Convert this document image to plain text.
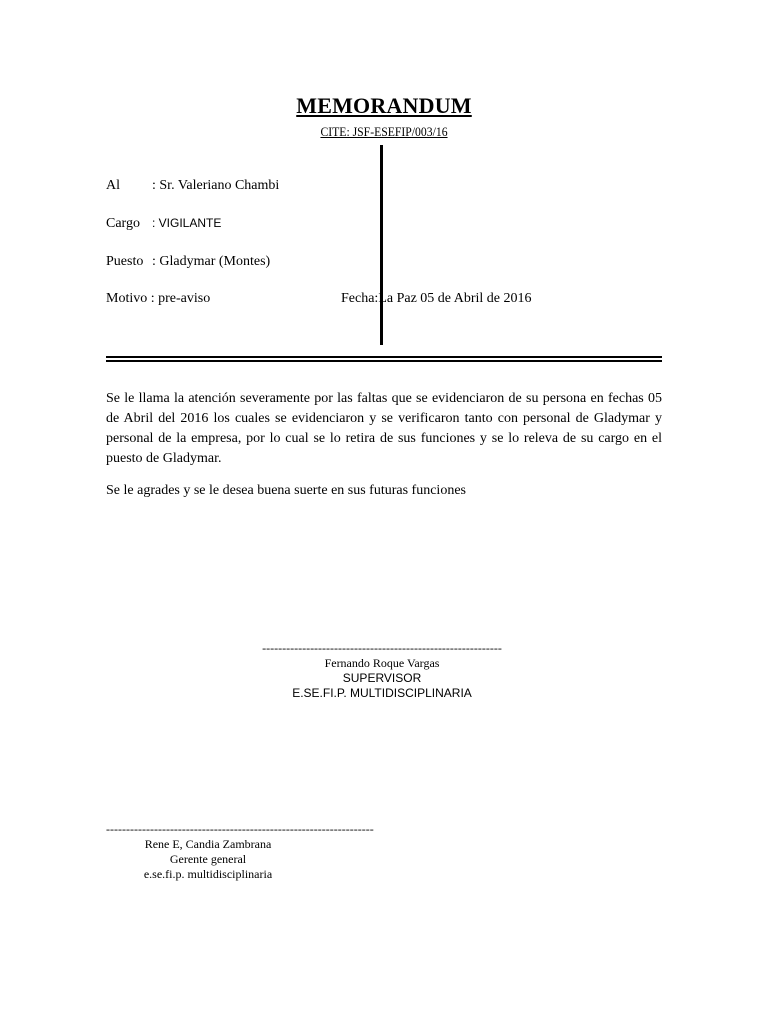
MEMORANDUM
CITE: JSF-ESEFIP/003/16
Al : Sr. Valeriano Chambi
Cargo : VIGILANTE
Puesto : Gladymar (Montes)
Motivo : pre-aviso	Fecha:La Paz 05 de Abril de 2016

Se le llama la atención severamente por las faltas que se evidenciaron de su persona en fechas 05 de Abril del 2016 los cuales se evidenciaron y se verificaron tanto con personal de Gladymar y personal de la empresa, por lo cual se lo retira de sus funciones y se lo releva de su cargo en el puesto de Gladymar.

Se le agrades y se le desea buena suerte en sus futuras funciones

------------------------------------------------------------
Fernando Roque Vargas
SUPERVISOR
E.SE.FI.P. MULTIDISCIPLINARIA
-------------------------------------------------------------------
Rene E, Candia Zambrana
Gerente general
e.se.fi.p. multidisciplinaria
